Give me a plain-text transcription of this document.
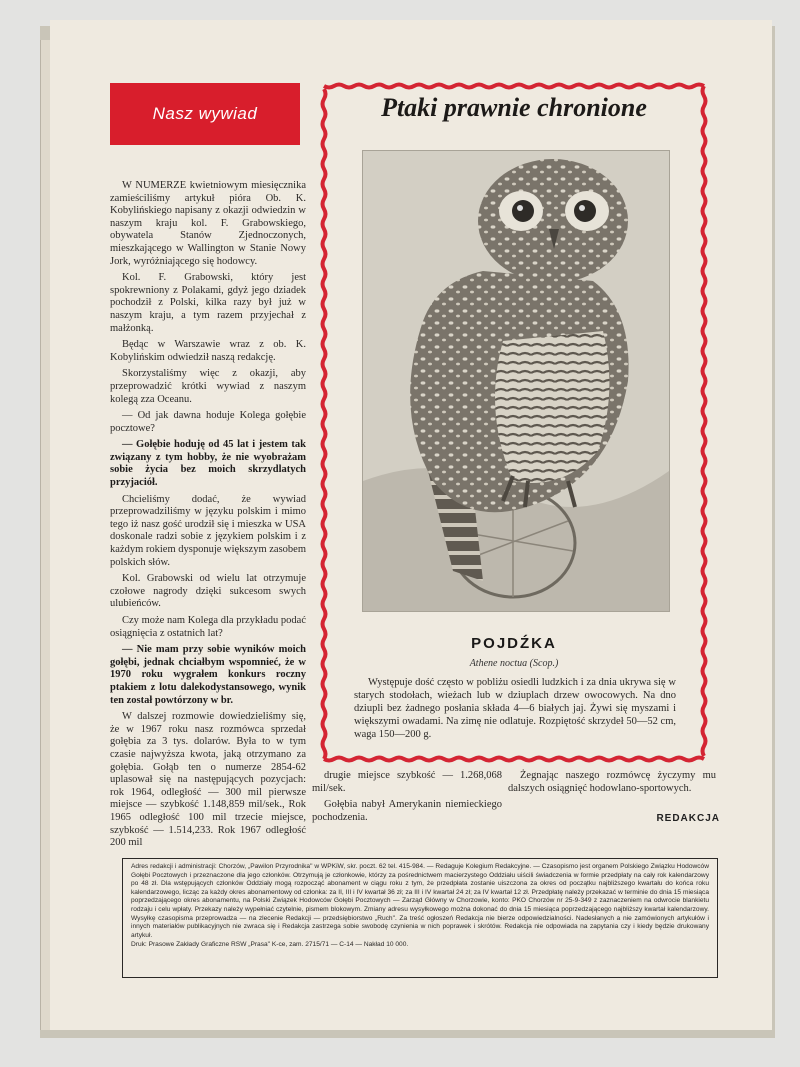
Nasz wywiad

W NUMERZE kwietniowym miesięcznika zamieściliśmy artykuł pióra Ob. K. Kobylińskiego napisany z okazji odwiedzin w naszym kraju kol. F. Grabowskiego, obywatela Stanów Zjednoczonych, mieszkającego w Wallington w Stanie Nowy Jork, wyróżniającego się hodowcy.

Kol. F. Grabowski, który jest spokrewniony z Polakami, gdyż jego dziadek pochodził z Polski, kilka razy był już w naszym kraju, a tym razem przyjechał z małżonką.

Będąc w Warszawie wraz z ob. K. Kobylińskim odwiedził naszą redakcję.

Skorzystaliśmy więc z okazji, aby przeprowadzić krótki wywiad z naszym kolegą zza Oceanu.

— Od jak dawna hoduje Kolega gołębie pocztowe?

— Gołębie hoduję od 45 lat i jestem tak związany z tym hobby, że nie wyobrażam sobie życia bez moich skrzydlatych przyjaciół.

Chcieliśmy dodać, że wywiad przeprowadziliśmy w języku polskim i mimo tego iż nasz gość urodził się i mieszka w USA doskonale radzi sobie z językiem polskim i z każdym rokiem dysponuje większym zasobem polskich słów.

Kol. Grabowski od wielu lat otrzymuje czołowe nagrody dzięki sukcesom swych ulubieńców.

Czy może nam Kolega dla przykładu podać osiągnięcia z ostatnich lat?

— Nie mam przy sobie wyników moich gołębi, jednak chciałbym wspomnieć, że w 1970 roku wygrałem konkurs roczny ptakiem z lotu dalekodystansowego, wynik ten został powtórzony w br.

W dalszej rozmowie dowiedzieliśmy się, że w 1967 roku nasz rozmówca sprzedał gołębia za 3 tys. dolarów. Była to w tym czasie najwyższa kwota, jaką otrzymano za gołębia. Gołąb ten o numerze 2854-62 uplasował się na następujących pozycjach: rok 1964, odległość — 300 mil pierwsze miejsce — szybkość 1.148,859 mil/sek., Rok 1965 odległość 100 mil trzecie miejsce, szybkość — 1.514,233. Rok 1967 odległość 200 mil

Ptaki prawnie chronione
POJDŹKA
Athene noctua (Scop.)
Występuje dość często w pobliżu osiedli ludzkich i za dnia ukrywa się w starych stodołach, wieżach lub w dziuplach drzew owocowych. Na dno dziupli bez żadnego posłania składa 4—6 białych jaj. Żywi się myszami i większymi owadami. Na zimę nie odlatuje. Rozpiętość skrzydeł 50—52 cm, waga 150—200 g.

drugie miejsce szybkość — 1.268,068 mil/sek.

Gołębia nabył Amerykanin niemieckiego pochodzenia.

Żegnając naszego rozmówcę życzymy mu dalszych osiągnięć hodowlano-sportowych.

REDAKCJA
Adres redakcji i administracji: Chorzów, „Pawilon Przyrodnika" w WPKiW, skr. poczt. 62 tel. 415-984. — Redaguje Kolegium Redakcyjne. — Czasopismo jest organem Polskiego Związku Hodowców Gołębi Pocztowych i przeznaczone dla jego członków. Otrzymują je członkowie, którzy za pośrednictwem macierzystego Oddziału uiścili świadczenia w formie przedpłaty na cały rok kalendarzowy po 48 zł. Dla wstępujących członków Oddziały mogą rozpocząć abonament w ciągu roku z tym, że przedpłata zostanie uiszczona za okres od początku najbliższego kwartału do końca roku kalendarzowego, licząc za każdy okres abonamentowy od członka: za II, III i IV kwartał 36 zł; za III i IV kwartał 24 zł; za IV kwartał 12 zł. Przedpłatę należy przekazać w terminie do dnia 15 miesiąca poprzedzającego okres abonamentu, na Polski Związek Hodowców Gołębi Pocztowych — Zarząd Główny w Chorzowie, konto: PKO Chorzów nr 25-9-349 z zaznaczeniem na odwrocie blankietu rodzaju i celu wpłaty. Przekazy należy wypełniać czytelnie, pismem blokowym. Zmiany adresu wysyłkowego można dokonać do dnia 15 miesiąca poprzedzającego najbliższy kwartał kalendarzowy. Wysyłkę czasopisma przeprowadza — na zlecenie Redakcji — przedsiębiorstwo „Ruch". Za treść ogłoszeń Redakcja nie bierze odpowiedzialności. Nadesłanych a nie zamówionych artykułów i innych materiałów publikacyjnych nie zwraca się i Redakcja zastrzega sobie swobodę czynienia w nich poprawek i skrótów. Redakcja nie odpowiada na zapytania czy i kiedy będzie drukowany artykuł.
Druk: Prasowe Zakłady Graficzne RSW „Prasa" K-ce, zam. 2715/71 — C-14 — Nakład 10 000.
